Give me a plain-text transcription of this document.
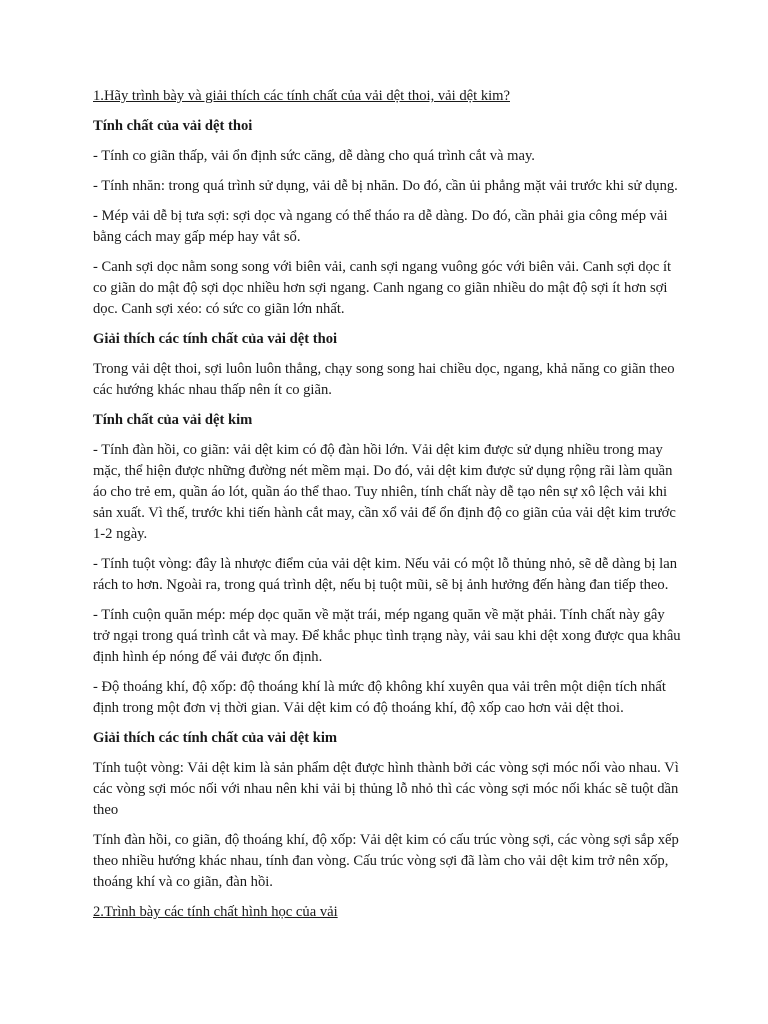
1.Hãy trình bày và giải thích các tính chất của vải dệt thoi, vải dệt kim?

Tính chất của vải dệt thoi

- Tính co giãn thấp, vải ổn định sức căng, dễ dàng cho quá trình cắt và may.

- Tính nhăn: trong quá trình sử dụng, vải dễ bị nhăn. Do đó, cần ủi phẳng mặt vải trước khi sử dụng.

- Mép vải dễ bị tưa sợi: sợi dọc và ngang có thể tháo ra dễ dàng. Do đó, cần phải gia công mép vải bằng cách may gấp mép hay vắt sổ.

- Canh sợi dọc nằm song song với biên vải, canh sợi ngang vuông góc với biên vải. Canh sợi dọc ít co giãn do mật độ sợi dọc nhiều hơn sợi ngang. Canh ngang co giãn nhiều do mật độ sợi ít hơn sợi dọc. Canh sợi xéo: có sức co giãn lớn nhất.

Giải thích các tính chất của vải dệt thoi

Trong vải dệt thoi, sợi luôn luôn thẳng, chạy song song hai chiều dọc, ngang, khả năng co giãn theo các hướng khác nhau thấp nên ít co giãn.

Tính chất của vải dệt kim

- Tính đàn hồi, co giãn: vải dệt kim có độ đàn hồi lớn. Vải dệt kim được sử dụng nhiều trong may mặc, thể hiện được những đường nét mềm mại. Do đó, vải dệt kim được sử dụng rộng rãi làm quần áo cho trẻ em, quần áo lót, quần áo thể thao. Tuy nhiên, tính chất này dễ tạo nên sự xô lệch vải khi sản xuất. Vì thế, trước khi tiến hành cắt may, cần xổ vải để ổn định độ co giãn của vải dệt kim trước 1-2 ngày.

- Tính tuột vòng: đây là nhược điểm của vải dệt kim. Nếu vải có một lỗ thủng nhỏ, sẽ dễ dàng bị lan rách to hơn. Ngoài ra, trong quá trình dệt, nếu bị tuột mũi, sẽ bị ảnh hưởng đến hàng đan tiếp theo.

- Tính cuộn quăn mép: mép dọc quăn về mặt trái, mép ngang quăn về mặt phải. Tính chất này gây trở ngại trong quá trình cắt và may. Để khắc phục tình trạng này, vải sau khi dệt xong được qua khâu định hình ép nóng để vải được ổn định.

- Độ thoáng khí, độ xốp: độ thoáng khí là mức độ không khí xuyên qua vải trên một diện tích nhất định trong một đơn vị thời gian. Vải dệt kim có độ thoáng khí, độ xốp cao hơn vải dệt thoi.

Giải thích các tính chất của vải dệt kim

Tính tuột vòng: Vải dệt kim là sản phẩm dệt được hình thành bởi các vòng sợi móc nối vào nhau. Vì các vòng sợi móc nối với nhau nên khi vải bị thủng lỗ nhỏ thì các vòng sợi móc nối khác sẽ tuột dần theo

Tính đàn hồi, co giãn, độ thoáng khí, độ xốp: Vải dệt kim có cấu trúc vòng sợi, các vòng sợi sắp xếp theo nhiều hướng khác nhau, tính đan vòng. Cấu trúc vòng sợi đã làm cho vải dệt kim trở nên xốp, thoáng khí và co giãn, đàn hồi.

2.Trình bày các tính chất hình học của vải
